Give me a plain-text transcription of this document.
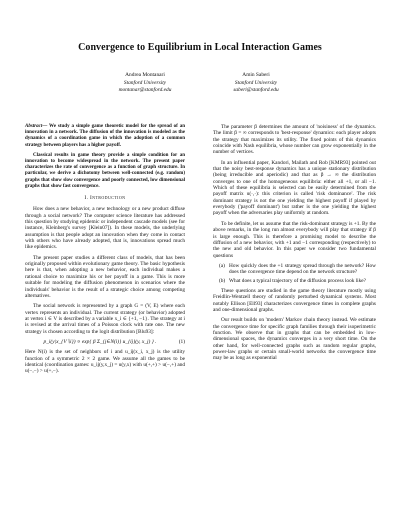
Convergence to Equilibrium in Local Interaction Games
Andrea Montanari
Stanford University
montanar@stanford.edu
Amin Saberi
Stanford University
saberi@stanford.edu

Abstract— We study a simple game theoretic model for the spread of an innovation in a network. The diffusion of the innovation is modeled as the dynamics of a coordination game in which the adoption of a common strategy between players has a higher payoff.

Classical results in game theory provide a simple condition for an innovation to become widespread in the network. The present paper characterizes the rate of convergence as a function of graph structure. In particular, we derive a dichotomy between well-connected (e.g. random) graphs that show slow convergence and poorly connected, low dimensional graphs that show fast convergence.

I. Introduction

How does a new behavior, a new technology or a new product diffuse through a social network? The computer science literature has addressed this question by studying epidemic or independent cascade models (see for instance, Kleinberg's survey [Klein07]). In these models, the underlying assumption is that people adopt an innovation when they come in contact with others who have already adopted, that is, innovations spread much like epidemics.

The present paper studies a different class of models, that has been originally proposed within evolutionary game theory. The basic hypothesis here is that, when adopting a new behavior, each individual makes a rational choice to maximize his or her payoff in a game. This is more suitable for modeling the diffusion phenomenon in scenarios where the individuals' behavior is the result of a strategic choice among competing alternatives.

The social network is represented by a graph G = (V, E) where each vertex represents an individual. The current strategy (or behavior) adopted at vertex i ∈ V is described by a variable x_i ∈ {+1, −1}. The strategy at i is revised at the arrival times of a Poisson clock with rate one. The new strategy is chosen according to the logit distribution [Blu93]:

p_i(y|x_{V∖i}) ∝ exp{ β Σ_{j∈N(i)} u_{ij}(y, x_j) } .	(1)

Here N(i) is the set of neighbors of i and u_ij(x_i, x_j) is the utility function of a symmetric 2 × 2 game. We assume all the games to be identical (coordination games: u_ij(y,x_j) = u(y,x) with u(+,+) > u(−,+) and u(−,−) > u(+,−).

The parameter β determines the amount of 'noisiness' of the dynamics. The limit β = ∞ corresponds to 'best-response' dynamics: each player adopts the strategy that maximizes its utility. The fixed points of this dynamics coincide with Nash equilibria, whose number can grow exponentially in the number of vertices.

In an influential paper, Kandori, Mailath and Rob [KMR93] pointed out that the noisy best-response dynamics has a unique stationary distribution (being irreducible and aperiodic) and that as β → ∞ the distribution converges to one of the homogeneous equilibria: either all +1, or all −1. Which of these equilibria is selected can be easily determined from the payoff matrix u(·,·): this criterion is called 'risk dominance'. The risk dominant strategy is not the one yielding the highest payoff if played by everybody ('payoff dominant') but rather is the one yielding the highest payoff when the adversaries play uniformly at random.

To be definite, let us assume that the risk-dominant strategy is +1. By the above remarks, in the long run almost everybody will play that strategy if β is large enough. This is therefore a promising model to describe the diffusion of a new behavior, with +1 and −1 corresponding (respectively) to the new and old behavior. In this paper we consider two fundamental questions

(a) How quickly does the +1 strategy spread through the network? How does the convergence time depend on the network structure?
(b) What does a typical trajectory of the diffusion process look like?

These questions are studied in the game theory literature mostly using Freidlin-Wentzell theory of randomly perturbed dynamical systems. Most notably Ellison [Ell93] characterizes convergence times in complete graphs and one-dimensional graphs.

Our result builds on 'modern' Markov chain theory instead. We estimate the convergence time for specific graph families through their isoperimetric function. We observe that in graphs that can be embedded in low-dimensional spaces, the dynamics converges in a very short time. On the other hand, for well-connected graphs such as random regular graphs, power-law graphs or certain small-world networks the convergence time may be as long as exponential
